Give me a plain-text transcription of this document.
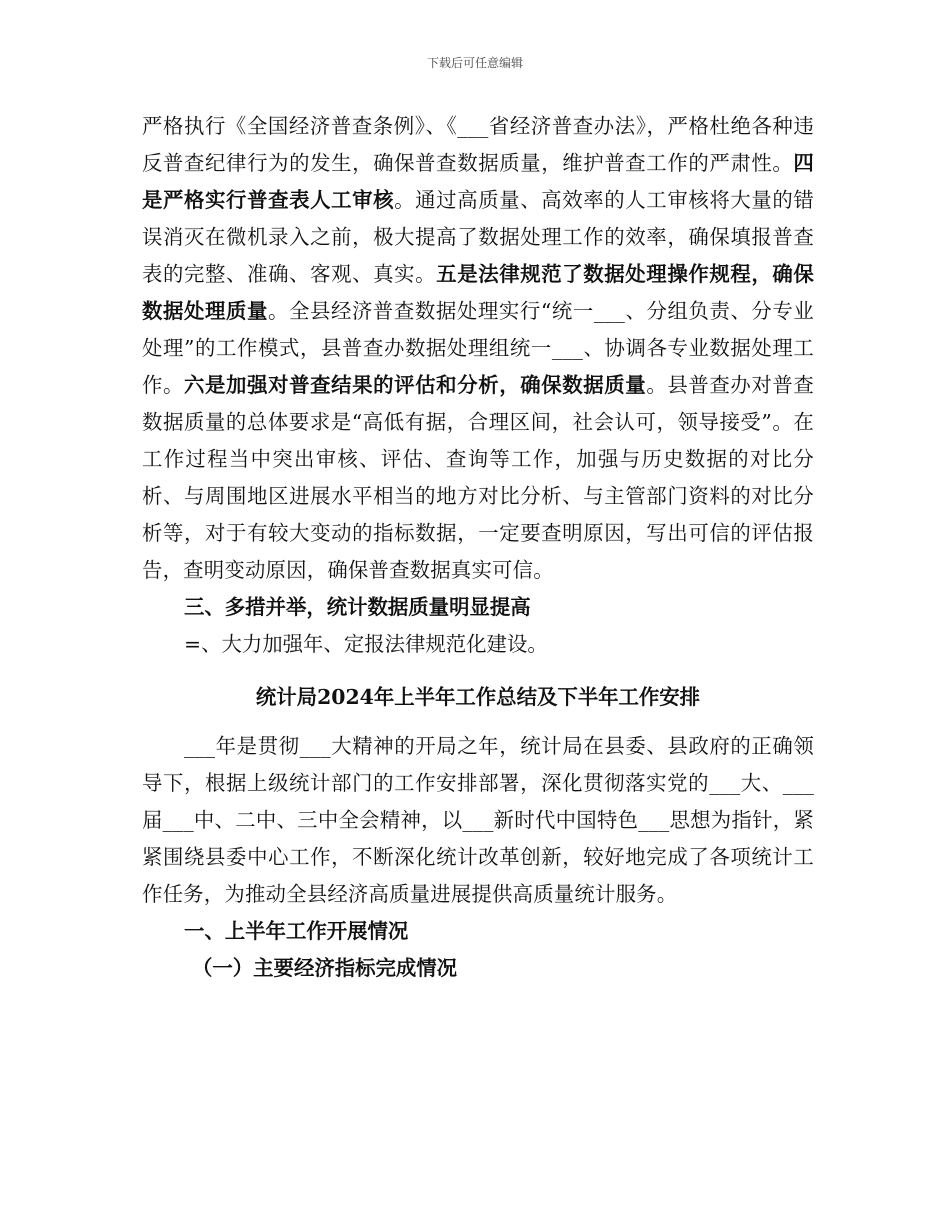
下载后可任意编辑

严格执行《全国经济普查条例》、《___省经济普查办法》，严格杜绝各种违反普查纪律行为的发生，确保普查数据质量，维护普查工作的严肃性。四是严格实行普查表人工审核。通过高质量、高效率的人工审核将大量的错误消灭在微机录入之前，极大提高了数据处理工作的效率，确保填报普查表的完整、准确、客观、真实。五是法律规范了数据处理操作规程，确保数据处理质量。全县经济普查数据处理实行“统一___、分组负责、分专业处理”的工作模式，县普查办数据处理组统一___、协调各专业数据处理工作。六是加强对普查结果的评估和分析，确保数据质量。县普查办对普查数据质量的总体要求是“高低有据，合理区间，社会认可，领导接受”。在工作过程当中突出审核、评估、查询等工作，加强与历史数据的对比分析、与周围地区进展水平相当的地方对比分析、与主管部门资料的对比分析等，对于有较大变动的指标数据，一定要查明原因，写出可信的评估报告，查明变动原因，确保普查数据真实可信。

三、多措并举，统计数据质量明显提高

=、大力加强年、定报法律规范化建设。

统计局2024年上半年工作总结及下半年工作安排

___年是贯彻___大精神的开局之年，统计局在县委、县政府的正确领导下，根据上级统计部门的工作安排部署，深化贯彻落实党的___大、___届___中、二中、三中全会精神，以___新时代中国特色___思想为指针，紧紧围绕县委中心工作，不断深化统计改革创新，较好地完成了各项统计工作任务，为推动全县经济高质量进展提供高质量统计服务。

一、上半年工作开展情况

（一）主要经济指标完成情况
